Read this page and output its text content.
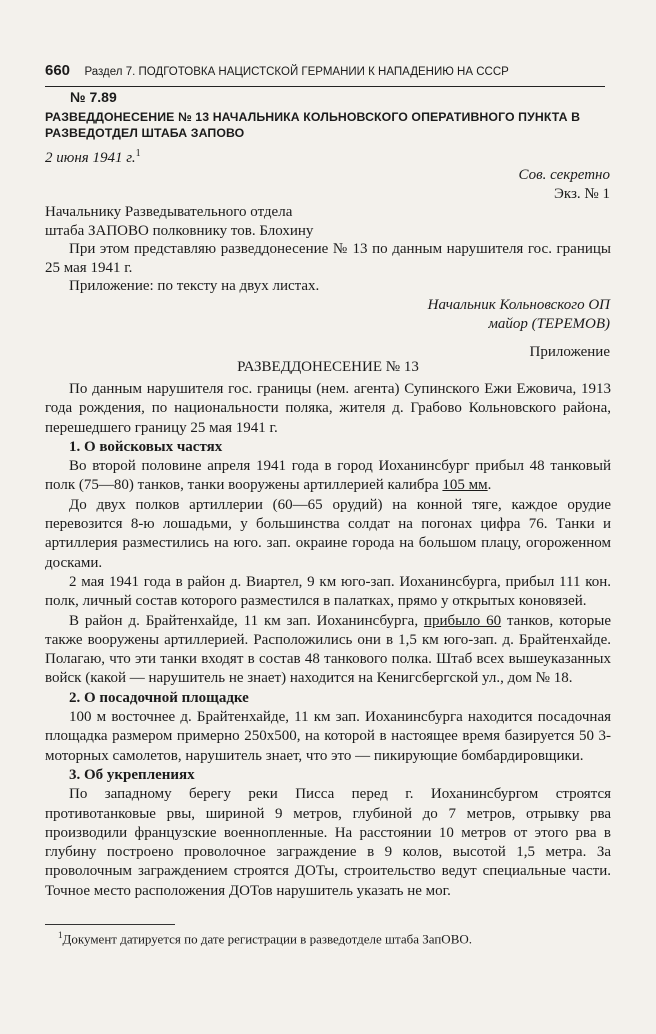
660 Раздел 7. ПОДГОТОВКА НАЦИСТСКОЙ ГЕРМАНИИ К НАПАДЕНИЮ НА СССР
№ 7.89
РАЗВЕДДОНЕСЕНИЕ № 13 НАЧАЛЬНИКА КОЛЬНОВСКОГО ОПЕРАТИВНОГО ПУНКТА В РАЗВЕДОТДЕЛ ШТАБА ЗАПОВО
2 июня 1941 г.$^1$
Сов. секретно
Экз. № 1
Начальнику Разведывательного отдела
штаба ЗАПОВО полковнику тов. Блохину
При этом представляю разведдонесение № 13 по данным нарушителя гос. границы 25 мая 1941 г.
Приложение: по тексту на двух листах.
Начальник Кольновского ОП
майор (ТЕРЕМОВ)
Приложение
РАЗВЕДДОНЕСЕНИЕ № 13
По данным нарушителя гос. границы (нем. агента) Супинского Ежи Ежовича, 1913 года рождения, по национальности поляка, жителя д. Грабово Кольновского района, перешедшего границу 25 мая 1941 г.
1. О войсковых частях
Во второй половине апреля 1941 года в город Иоханинсбург прибыл 48 танковый полк (75—80) танков, танки вооружены артиллерией калибра 105 мм.
До двух полков артиллерии (60—65 орудий) на конной тяге, каждое орудие перевозится 8-ю лошадьми, у большинства солдат на погонах цифра 76. Танки и артиллерия разместились на юго. зап. окраине города на большом плацу, огороженном досками.
2 мая 1941 года в район д. Виартел, 9 км юго-зап. Иоханинсбурга, прибыл 111 кон. полк, личный состав которого разместился в палатках, прямо у открытых коновязей.
В район д. Брайтенхайде, 11 км зап. Иоханинсбурга, прибыло 60 танков, которые также вооружены артиллерией. Расположились они в 1,5 км юго-зап. д. Брайтенхайде. Полагаю, что эти танки входят в состав 48 танкового полка. Штаб всех вышеуказанных войск (какой — нарушитель не знает) находится на Кенигсбергской ул., дом № 18.
2. О посадочной площадке
100 м восточнее д. Брайтенхайде, 11 км зап. Иоханинсбурга находится посадочная площадка размером примерно 250х500, на которой в настоящее время базируется 50 3-моторных самолетов, нарушитель знает, что это — пикирующие бомбардировщики.
3. Об укреплениях
По западному берегу реки Писса перед г. Иоханинсбургом строятся противотанковые рвы, шириной 9 метров, глубиной до 7 метров, отрывку рва производили французские военнопленные. На расстоянии 10 метров от этого рва в глубину построено проволочное заграждение в 9 колов, высотой 1,5 метра. За проволочным заграждением строятся ДОТы, строительство ведут специальные части. Точное место расположения ДОТов нарушитель указать не мог.
$^1$Документ датируется по дате регистрации в разведотделе штаба ЗапОВО.
